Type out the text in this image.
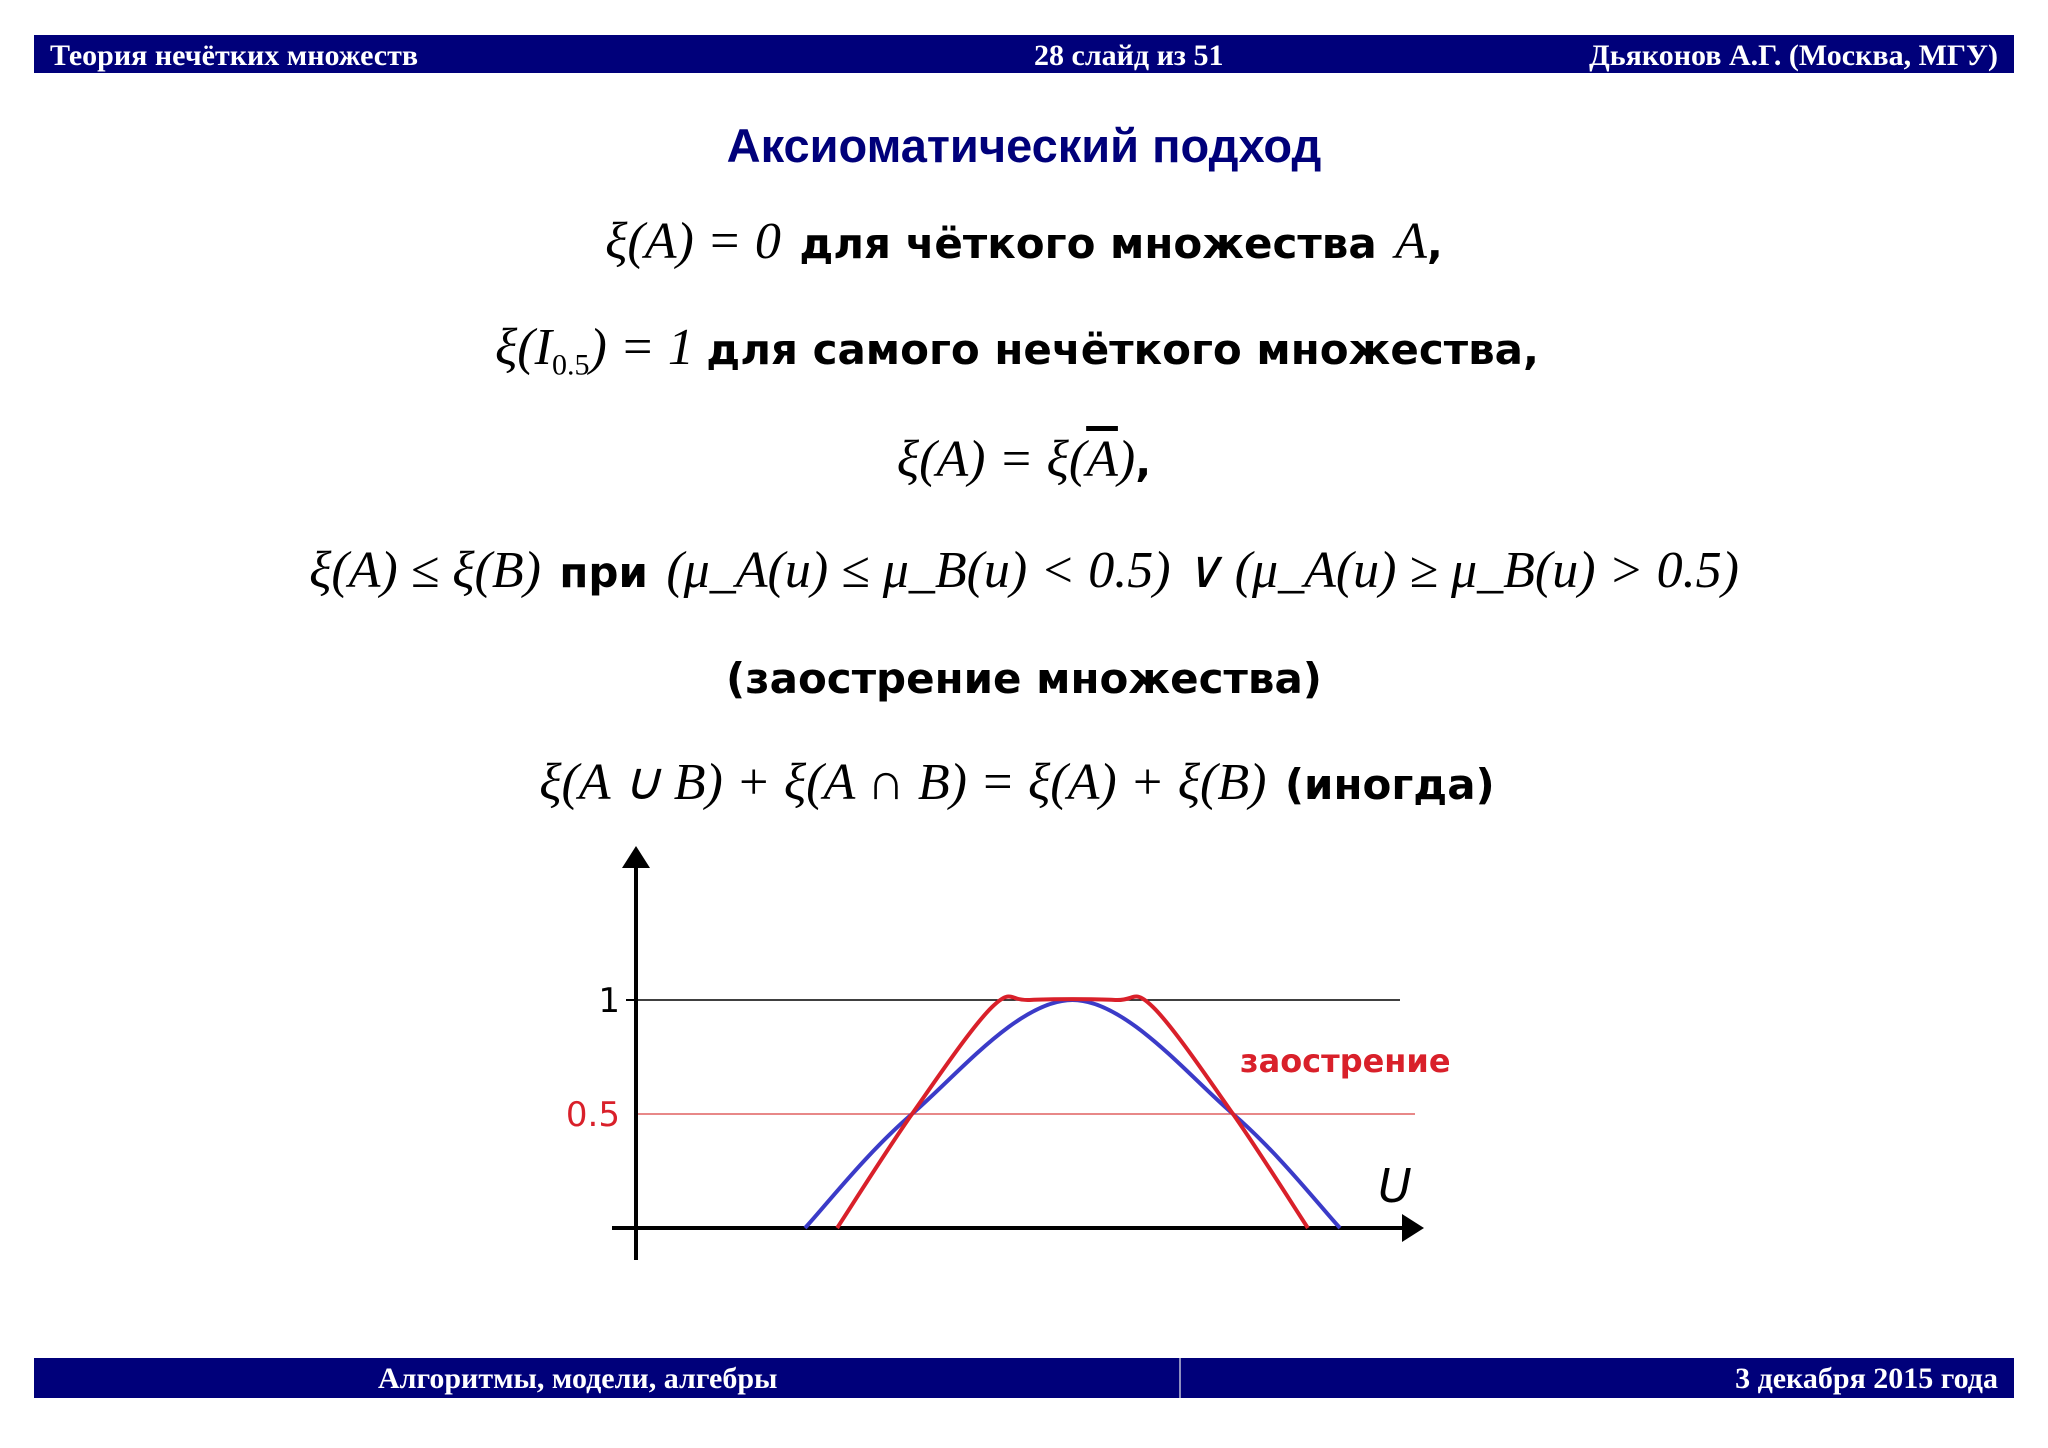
Теория нечётких множеств	28 слайд из 51	Дьяконов А.Г. (Москва, МГУ)
Аксиоматический подход
ξ(A) = 0 для чёткого множества A,
$\xi(I_{0.5}) = 1$ для самого нечёткого множества,
$\xi(A) = \xi(\overline{A})$,
ξ(A) ≤ ξ(B) при (μ_A(u) ≤ μ_B(u) < 0.5) ∨ (μ_A(u) ≥ μ_B(u) > 0.5)
(заострение множества)
ξ(A ∪ B) + ξ(A ∩ B) = ξ(A) + ξ(B) (иногда)
1
0.5
U
заострение
Алгоритмы, модели, алгебры	3 декабря 2015 года
